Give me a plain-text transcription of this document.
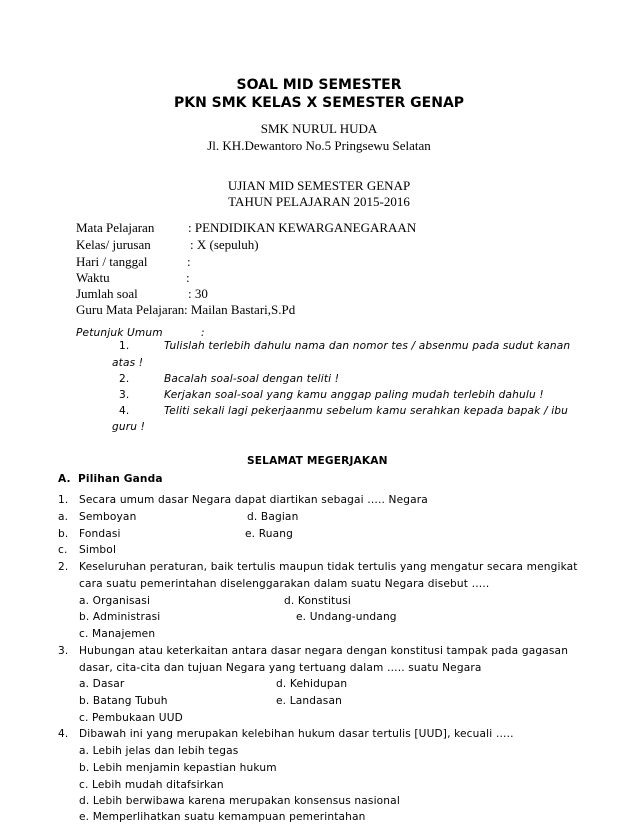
SOAL MID SEMESTER
PKN SMK KELAS X SEMESTER GENAP
SMK NURUL HUDA
Jl. KH.Dewantoro No.5 Pringsewu Selatan
UJIAN MID SEMESTER GENAP
TAHUN PELAJARAN 2015-2016
Mata Pelajaran	: PENDIDIKAN KEWARGANEGARAAN
Kelas/ jurusan	: X (sepuluh)
Hari / tanggal	:
Waktu	:
Jumlah soal	: 30
Guru Mata Pelajaran : Mailan Bastari,S.Pd
Petunjuk Umum	:
1.	Tulislah terlebih dahulu nama dan nomor tes / absenmu pada sudut kanan
atas !
2.	Bacalah soal-soal dengan teliti !
3.	Kerjakan soal-soal yang kamu anggap paling mudah terlebih dahulu !
4.	Teliti sekali lagi pekerjaanmu sebelum kamu serahkan kepada bapak / ibu
guru !
SELAMAT MEGERJAKAN
A. Pilihan Ganda
1. Secara umum dasar Negara dapat diartikan sebagai ….. Negara
a. Semboyan	d. Bagian
b. Fondasi	e. Ruang
c. Simbol
2. Keseluruhan peraturan, baik tertulis maupun tidak tertulis yang mengatur secara mengikat
cara suatu pemerintahan diselenggarakan dalam suatu Negara disebut …..
a. Organisasi	d. Konstitusi
b. Administrasi	e. Undang-undang
c. Manajemen
3. Hubungan atau keterkaitan antara dasar negara dengan konstitusi tampak pada gagasan
dasar, cita-cita dan tujuan Negara yang tertuang dalam ….. suatu Negara
a. Dasar	d. Kehidupan
b. Batang Tubuh	e. Landasan
c. Pembukaan UUD
4. Dibawah ini yang merupakan kelebihan hukum dasar tertulis [UUD], kecuali …..
a. Lebih jelas dan lebih tegas
b. Lebih menjamin kepastian hukum
c. Lebih mudah ditafsirkan
d. Lebih berwibawa karena merupakan konsensus nasional
e. Memperlihatkan suatu kemampuan pemerintahan
